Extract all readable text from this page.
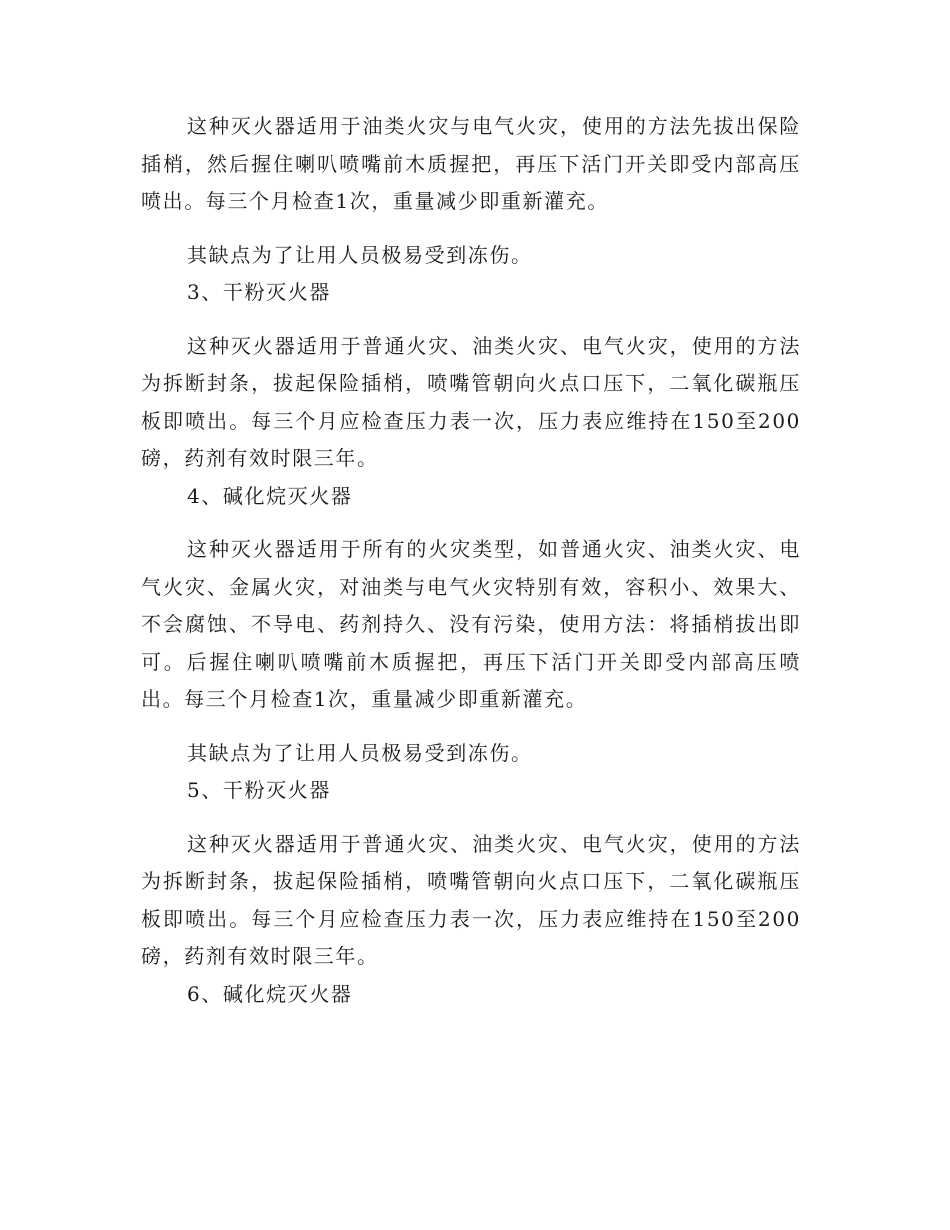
这种灭火器适用于油类火灾与电气火灾，使用的方法先拔出保险插梢，然后握住喇叭喷嘴前木质握把，再压下活门开关即受内部高压喷出。每三个月检查1次，重量减少即重新灌充。

其缺点为了让用人员极易受到冻伤。

3、干粉灭火器

这种灭火器适用于普通火灾、油类火灾、电气火灾，使用的方法为拆断封条，拔起保险插梢，喷嘴管朝向火点口压下，二氧化碳瓶压板即喷出。每三个月应检查压力表一次，压力表应维持在150至200磅，药剂有效时限三年。

4、碱化烷灭火器

这种灭火器适用于所有的火灾类型，如普通火灾、油类火灾、电气火灾、金属火灾，对油类与电气火灾特别有效，容积小、效果大、不会腐蚀、不导电、药剂持久、没有污染，使用方法：将插梢拔出即可。后握住喇叭喷嘴前木质握把，再压下活门开关即受内部高压喷出。每三个月检查1次，重量减少即重新灌充。

其缺点为了让用人员极易受到冻伤。

5、干粉灭火器

这种灭火器适用于普通火灾、油类火灾、电气火灾，使用的方法为拆断封条，拔起保险插梢，喷嘴管朝向火点口压下，二氧化碳瓶压板即喷出。每三个月应检查压力表一次，压力表应维持在150至200磅，药剂有效时限三年。

6、碱化烷灭火器
